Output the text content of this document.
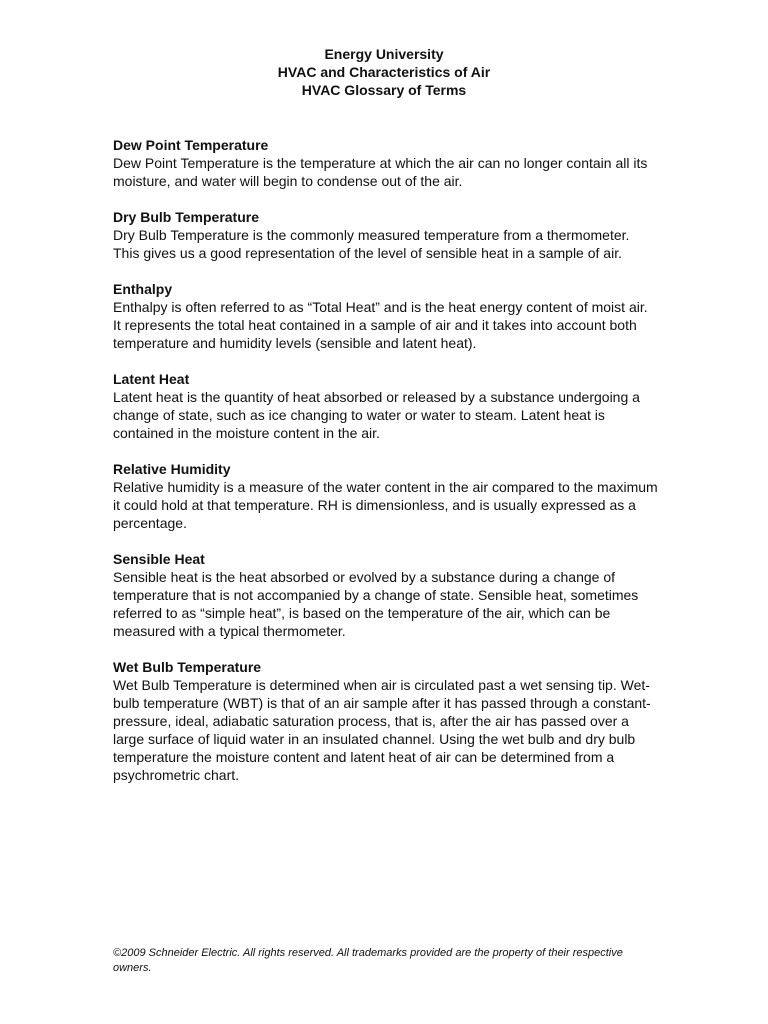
Energy University
HVAC and Characteristics of Air
HVAC Glossary of Terms
Dew Point Temperature
Dew Point Temperature is the temperature at which the air can no longer contain all its moisture, and water will begin to condense out of the air.
Dry Bulb Temperature
Dry Bulb Temperature is the commonly measured temperature from a thermometer. This gives us a good representation of the level of sensible heat in a sample of air.
Enthalpy
Enthalpy is often referred to as “Total Heat” and is the heat energy content of moist air. It represents the total heat contained in a sample of air and it takes into account both temperature and humidity levels (sensible and latent heat).
Latent Heat
Latent heat is the quantity of heat absorbed or released by a substance undergoing a change of state, such as ice changing to water or water to steam. Latent heat is contained in the moisture content in the air.
Relative Humidity
Relative humidity is a measure of the water content in the air compared to the maximum it could hold at that temperature. RH is dimensionless, and is usually expressed as a percentage.
Sensible Heat
Sensible heat is the heat absorbed or evolved by a substance during a change of temperature that is not accompanied by a change of state. Sensible heat, sometimes referred to as “simple heat”, is based on the temperature of the air, which can be measured with a typical thermometer.
Wet Bulb Temperature
Wet Bulb Temperature is determined when air is circulated past a wet sensing tip. Wet-bulb temperature (WBT) is that of an air sample after it has passed through a constant-pressure, ideal, adiabatic saturation process, that is, after the air has passed over a large surface of liquid water in an insulated channel. Using the wet bulb and dry bulb temperature the moisture content and latent heat of air can be determined from a psychrometric chart.
©2009 Schneider Electric. All rights reserved. All trademarks provided are the property of their respective owners.
